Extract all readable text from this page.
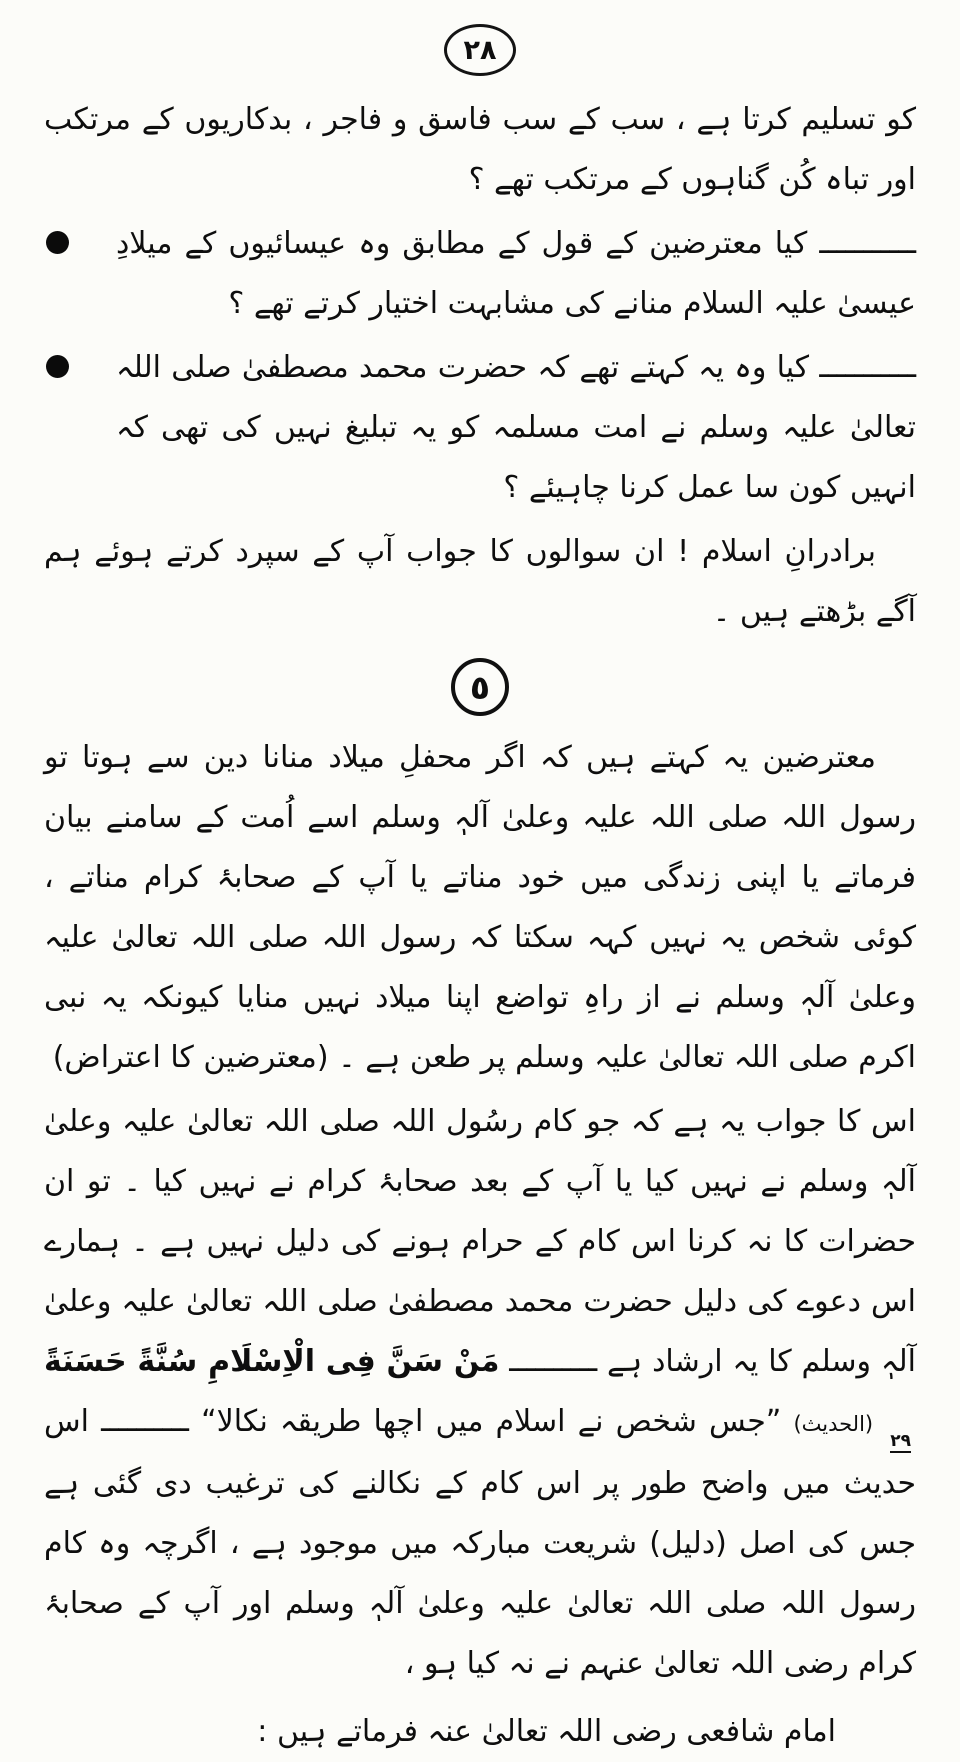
٢٨

کو تسلیم کرتا ہے ، سب کے سب فاسق و فاجر ، بدکاریوں کے مرتکب اور تباہ کُن گناہوں کے مرتکب تھے ؟

ـــــــــــ کیا معترضین کے قول کے مطابق وہ عیسائیوں کے میلادِ عیسیٰ علیہ السلام منانے کی مشابہت اختیار کرتے تھے ؟

ـــــــــــ کیا وہ یہ کہتے تھے کہ حضرت محمد مصطفیٰ صلی اللہ تعالیٰ علیہ وسلم نے امت مسلمہ کو یہ تبلیغ نہیں کی تھی کہ انہیں کون سا عمل کرنا چاہیئے ؟

برادرانِ اسلام ! ان سوالوں کا جواب آپ کے سپرد کرتے ہوئے ہم آگے بڑھتے ہیں ۔

٥

معترضین یہ کہتے ہیں کہ اگر محفلِ میلاد منانا دین سے ہوتا تو رسول اللہ صلی اللہ علیہ وعلیٰ آلہٖ وسلم اسے اُمت کے سامنے بیان فرماتے یا اپنی زندگی میں خود مناتے یا آپ کے صحابۂ کرام مناتے ، کوئی شخص یہ نہیں کہہ سکتا کہ رسول اللہ صلی اللہ تعالیٰ علیہ وعلیٰ آلہٖ وسلم نے از راہِ تواضع اپنا میلاد نہیں منایا کیونکہ یہ نبی اکرم صلی اللہ تعالیٰ علیہ وسلم پر طعن ہے ۔ (معترضین کا اعتراض)

اس کا جواب یہ ہے کہ جو کام رسُول اللہ صلی اللہ تعالیٰ علیہ وعلیٰ آلہٖ وسلم نے نہیں کیا یا آپ کے بعد صحابۂ کرام نے نہیں کیا ۔ تو ان حضرات کا نہ کرنا اس کام کے حرام ہونے کی دلیل نہیں ہے ۔ ہمارے اس دعوے کی دلیل حضرت محمد مصطفیٰ صلی اللہ تعالیٰ علیہ وعلیٰ آلہٖ وسلم کا یہ ارشاد ہے ــــــــــ مَنْ سَنَّ فِی الْاِسْلَامِ سُنَّةً حَسَنَةً٢٩ (الحدیث) ”جس شخص نے اسلام میں اچھا طریقہ نکالا“ ــــــــــ اس حدیث میں واضح طور پر اس کام کے نکالنے کی ترغیب دی گئی ہے جس کی اصل (دلیل) شریعت مبارکہ میں موجود ہے ، اگرچہ وہ کام رسول اللہ صلی اللہ تعالیٰ علیہ وعلیٰ آلہٖ وسلم اور آپ کے صحابۂ کرام رضی اللہ تعالیٰ عنہم نے نہ کیا ہو ،

امام شافعی رضی اللہ تعالیٰ عنہ فرماتے ہیں :
